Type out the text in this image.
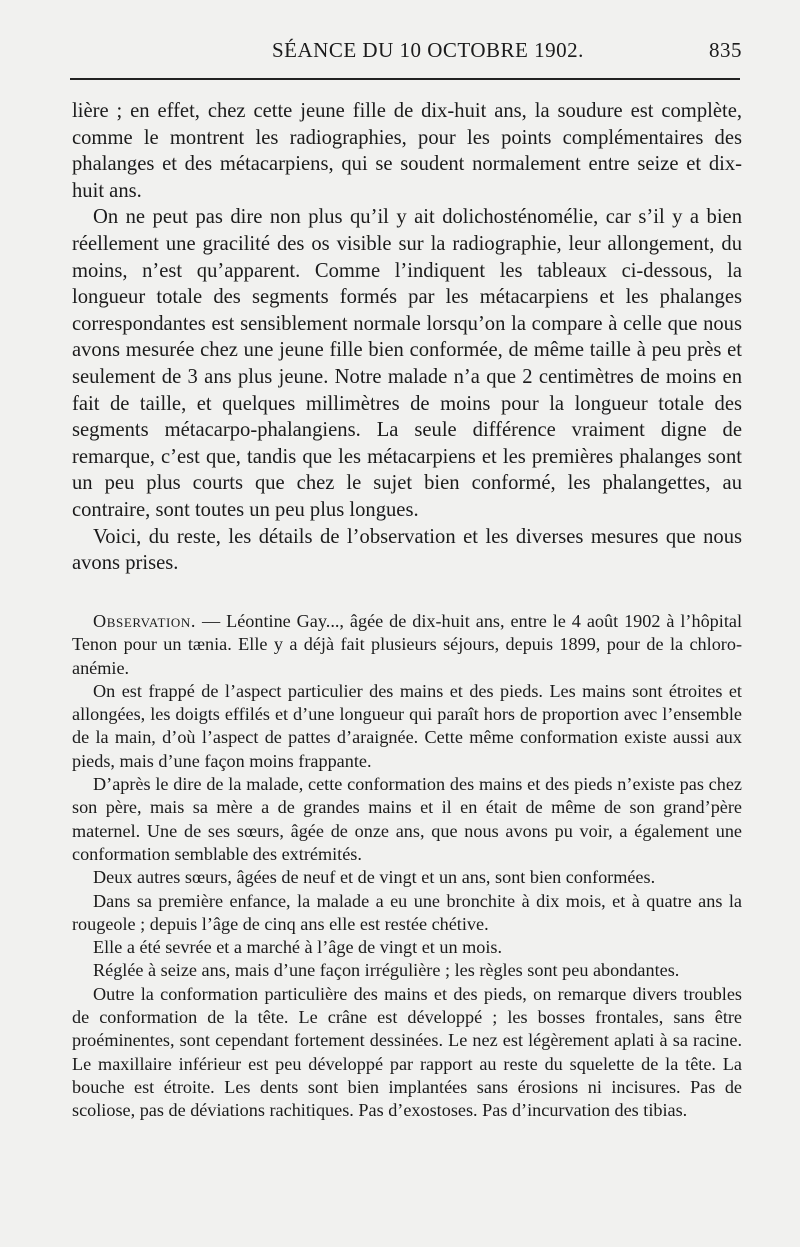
SÉANCE DU 10 OCTOBRE 1902.	835

lière ; en effet, chez cette jeune fille de dix-huit ans, la soudure est complète, comme le montrent les radiographies, pour les points complémentaires des phalanges et des métacarpiens, qui se soudent normalement entre seize et dix-huit ans.

On ne peut pas dire non plus qu’il y ait dolichosténomélie, car s’il y a bien réellement une gracilité des os visible sur la radiographie, leur allongement, du moins, n’est qu’apparent. Comme l’indiquent les tableaux ci-dessous, la longueur totale des segments formés par les métacarpiens et les phalanges correspondantes est sensiblement normale lorsqu’on la compare à celle que nous avons mesurée chez une jeune fille bien conformée, de même taille à peu près et seulement de 3 ans plus jeune. Notre malade n’a que 2 centimètres de moins en fait de taille, et quelques millimètres de moins pour la longueur totale des segments métacarpo-phalangiens. La seule différence vraiment digne de remarque, c’est que, tandis que les métacarpiens et les premières phalanges sont un peu plus courts que chez le sujet bien conformé, les phalangettes, au contraire, sont toutes un peu plus longues.

Voici, du reste, les détails de l’observation et les diverses mesures que nous avons prises.

Observation. — Léontine Gay..., âgée de dix-huit ans, entre le 4 août 1902 à l’hôpital Tenon pour un tænia. Elle y a déjà fait plusieurs séjours, depuis 1899, pour de la chloro-anémie.

On est frappé de l’aspect particulier des mains et des pieds. Les mains sont étroites et allongées, les doigts effilés et d’une longueur qui paraît hors de proportion avec l’ensemble de la main, d’où l’aspect de pattes d’araignée. Cette même conformation existe aussi aux pieds, mais d’une façon moins frappante.

D’après le dire de la malade, cette conformation des mains et des pieds n’existe pas chez son père, mais sa mère a de grandes mains et il en était de même de son grand’père maternel. Une de ses sœurs, âgée de onze ans, que nous avons pu voir, a également une conformation semblable des extrémités.

Deux autres sœurs, âgées de neuf et de vingt et un ans, sont bien conformées.

Dans sa première enfance, la malade a eu une bronchite à dix mois, et à quatre ans la rougeole ; depuis l’âge de cinq ans elle est restée chétive.

Elle a été sevrée et a marché à l’âge de vingt et un mois.

Réglée à seize ans, mais d’une façon irrégulière ; les règles sont peu abondantes.

Outre la conformation particulière des mains et des pieds, on remarque divers troubles de conformation de la tête. Le crâne est développé ; les bosses frontales, sans être proéminentes, sont cependant fortement dessinées. Le nez est légèrement aplati à sa racine. Le maxillaire inférieur est peu développé par rapport au reste du squelette de la tête. La bouche est étroite. Les dents sont bien implantées sans érosions ni incisures. Pas de scoliose, pas de déviations rachitiques. Pas d’exostoses. Pas d’incurvation des tibias.
